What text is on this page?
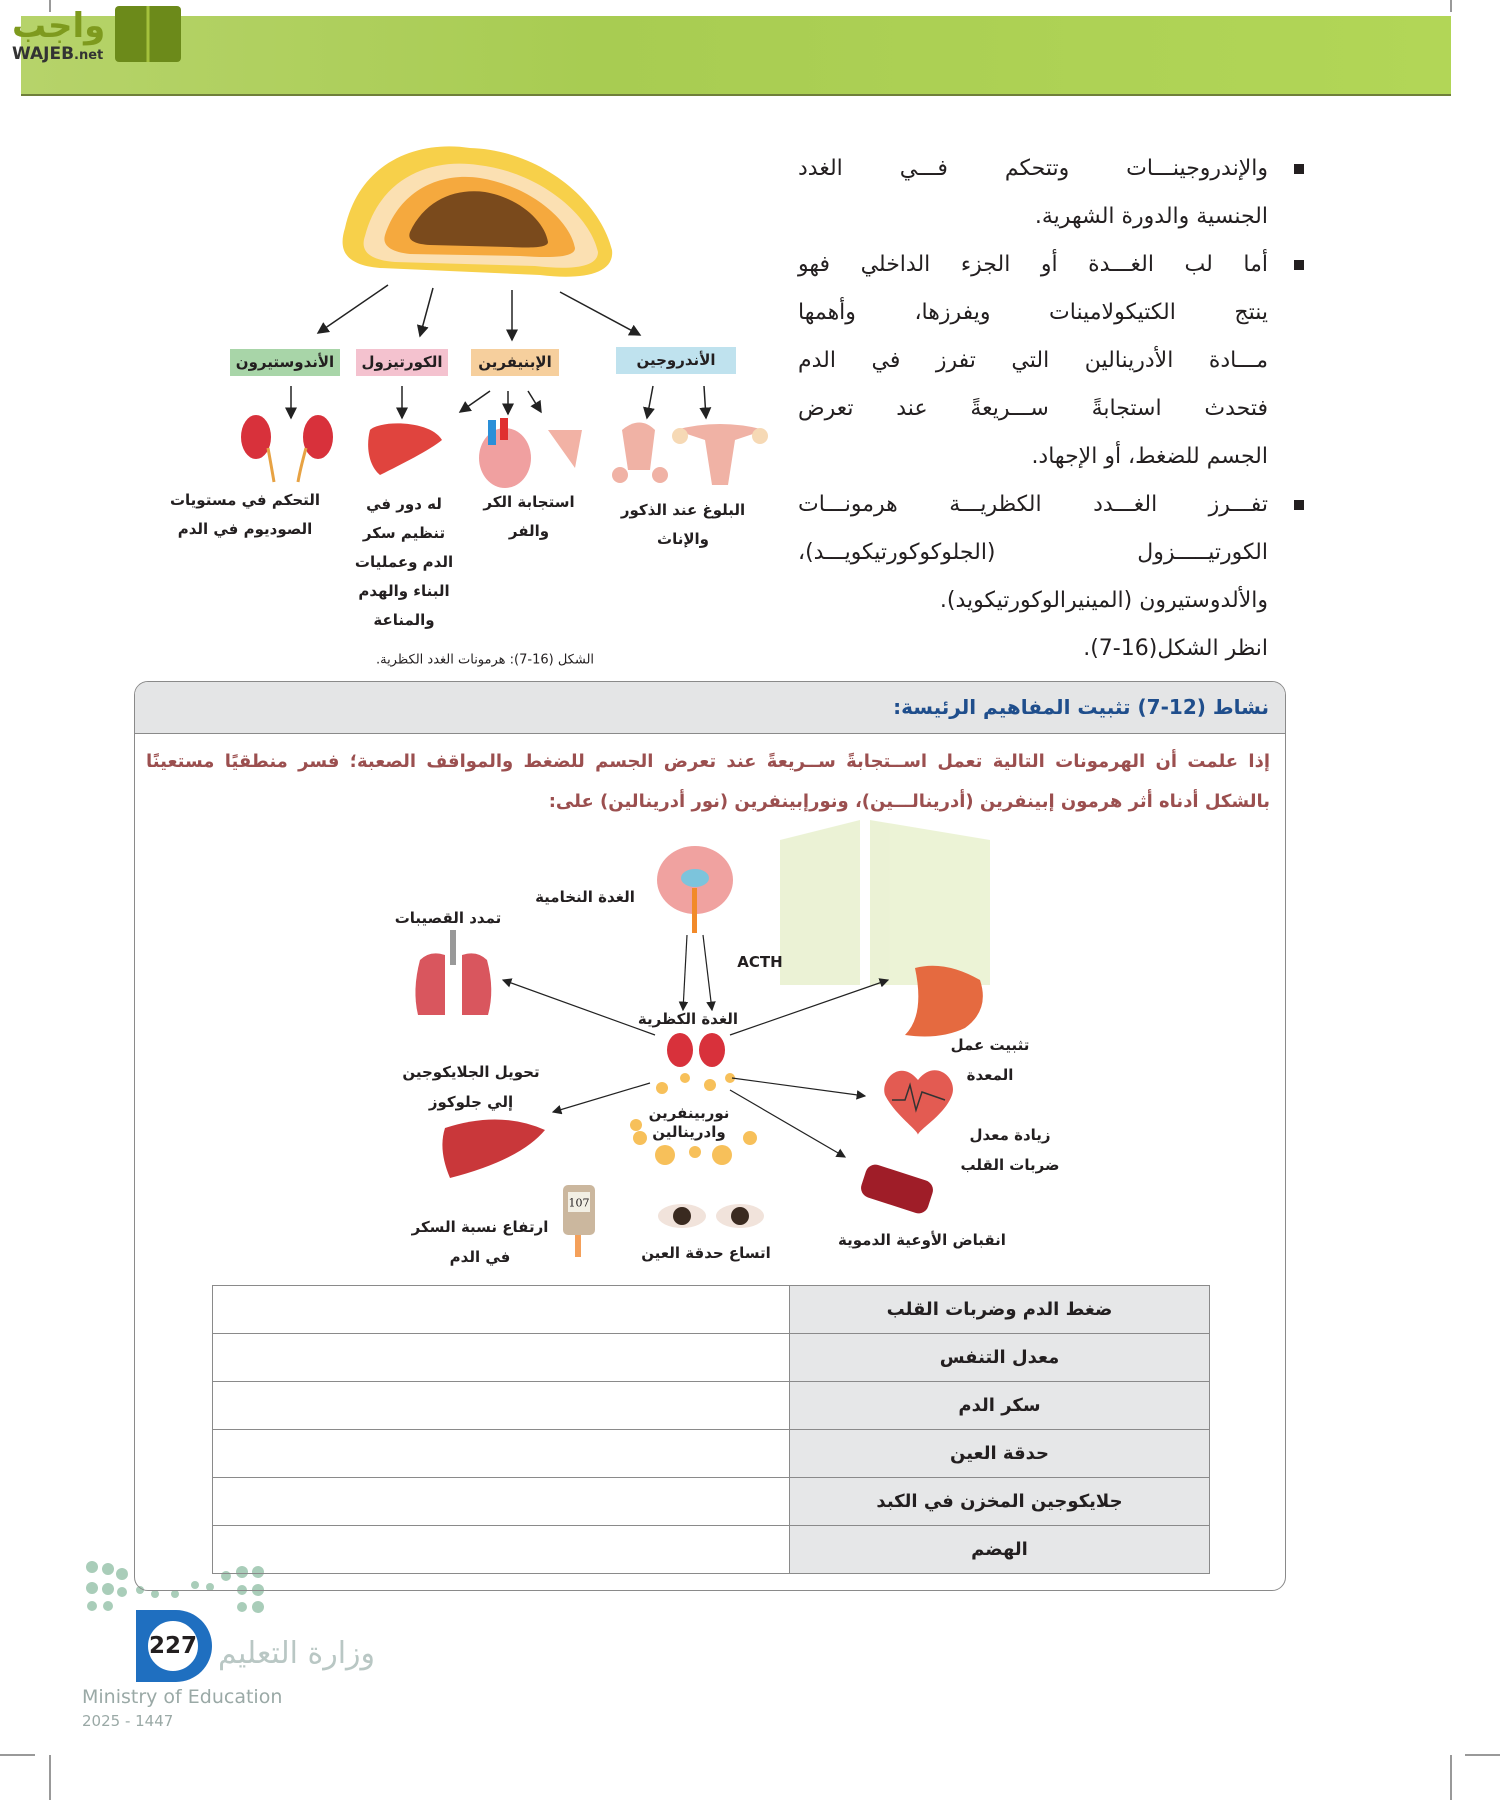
واجب
WAJEB.net
والإندروجينـــات وتتحكم فـــي الغدد
الجنسية والدورة الشهرية.
أما لب الغـــدة أو الجزء الداخلي فهو
ينتج الكتيكولامينات ويفرزها، وأهمها
مـــادة الأدرينالين التي تفرز في الدم
فتحدث استجابةً ســـريعةً عند تعرض
الجسم للضغط، أو الإجهاد.
تفـــرز الغـــدد الكظريـــة هرمونـــات
الكورتيـــــزول (الجلوكوكورتيكويـــد)،
والألدوستيرون (المينيرالوكورتيكويد).
انظر الشكل(16-7).
الأندوستيرون	الكورتيزول	الإبنيفرين	الأندروجين
التحكم في مستويات
الصوديوم في الدم
له دور في
تنظيم سكر
الدم وعمليات
البناء والهدم
والمناعة
استجابة الكر
والفر
البلوغ عند الذكور
والإناث
الشكل (16-7): هرمونات الغدد الكظرية.
نشاط (12-7) تثبيت المفاهيم الرئيسة:
إذا علمت أن الهرمونات التالية تعمل اســتجابةً ســريعةً عند تعرض الجسم للضغط والمواقف الصعبة؛ فسر منطقيًا مستعينًا
بالشكل أدناه أثر هرمون إبينفرين (أدرينالـــين)، ونورإبينفرين (نور أدرينالين) على:
الغدة النخامية
ACTH
تمدد القصيبات
الغدة الكظرية
تثبيت عمل
المعدة
تحويل الجلايكوجين
إلي جلوكوز
نوربينفرين
وادرينالين	زيادة معدل
ضربات القلب
انقباض الأوعية الدموية
اتساع حدقة العين
ارتفاع نسبة السكر
في الدم
107
	ضغط الدم وضربات القلب
	معدل التنفس
	سكر الدم
	حدقة العين
	جلايكوجين المخزن في الكبد
	الهضم
227 وزارة التعليم
Ministry of Education
2025 - 1447
